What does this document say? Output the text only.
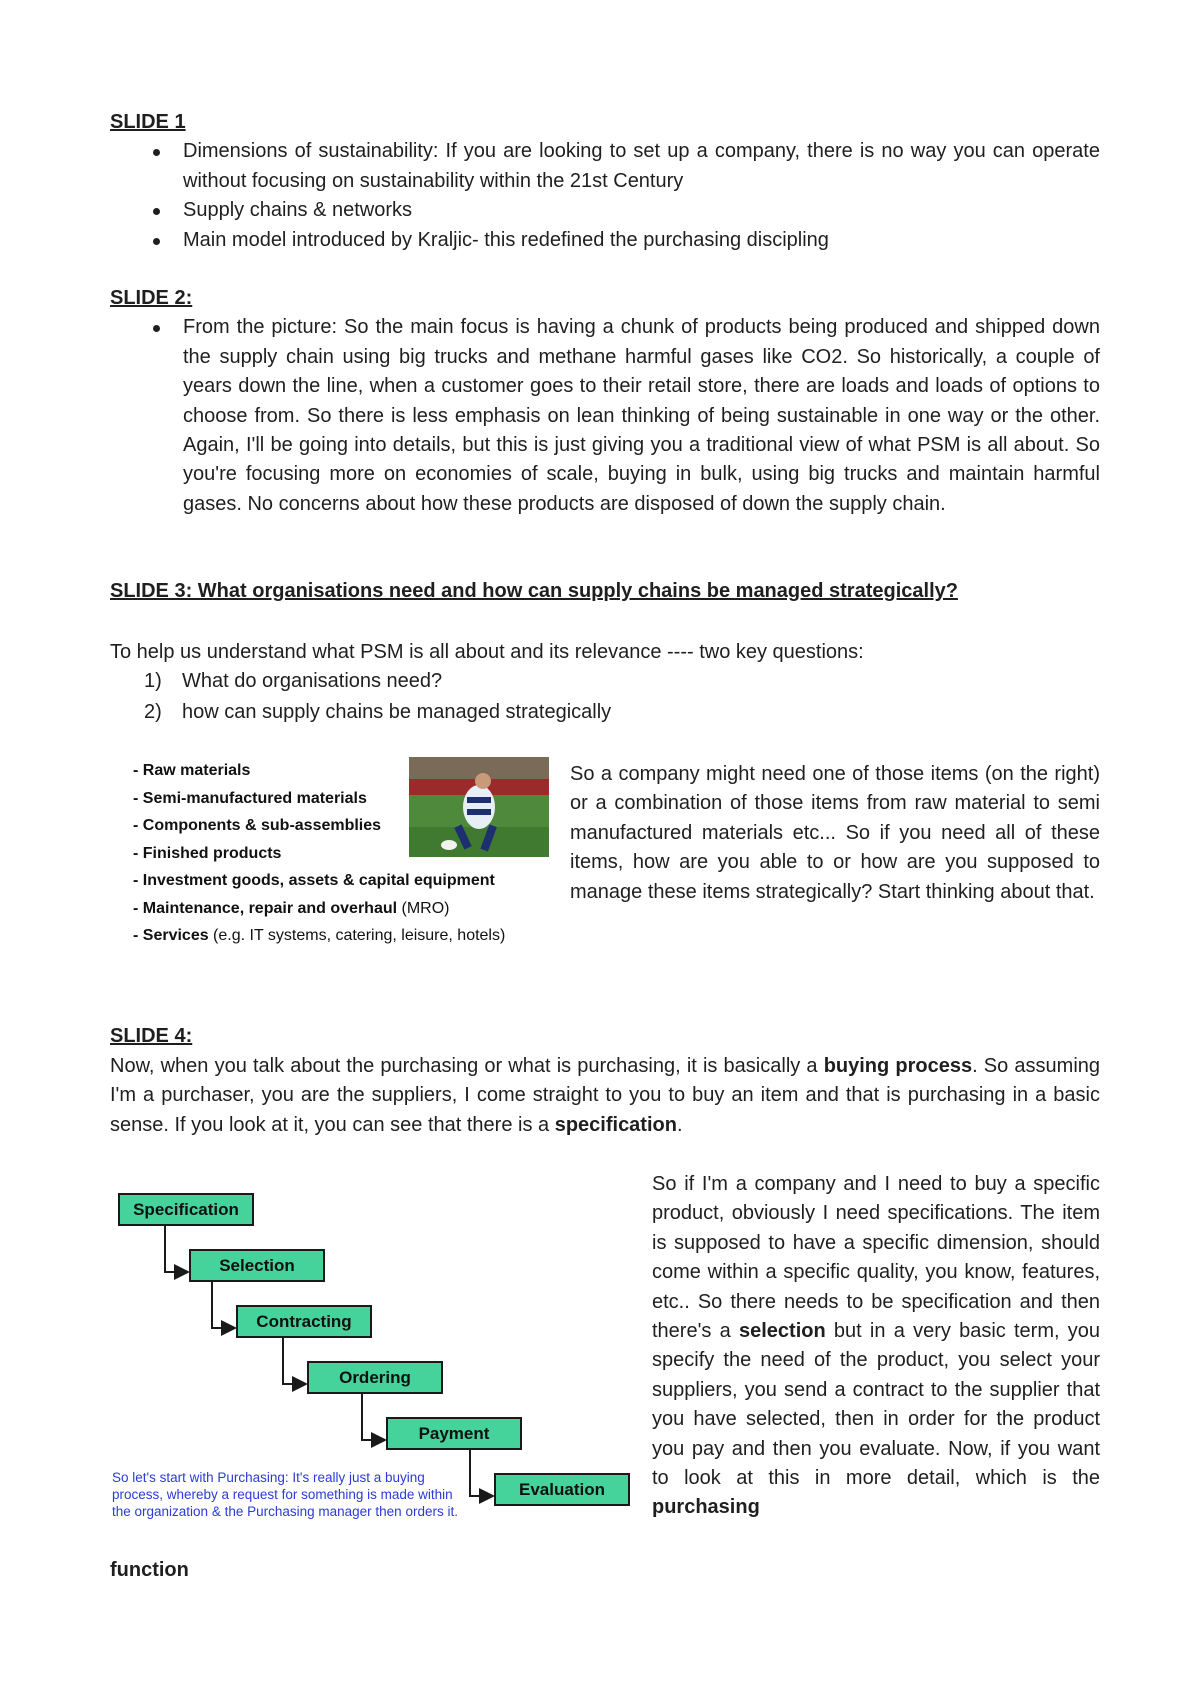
SLIDE 1

Dimensions of sustainability: If you are looking to set up a company, there is no way you can operate without focusing on sustainability within the 21st Century
Supply chains & networks
Main model introduced by Kraljic- this redefined the purchasing discipling

SLIDE 2:

From the picture: So the main focus is having a chunk of products being produced and shipped down the supply chain using big trucks and methane harmful gases like CO2. So historically, a couple of years down the line, when a customer goes to their retail store, there are loads and loads of options to choose from. So there is less emphasis on lean thinking of being sustainable in one way or the other. Again, I'll be going into details, but this is just giving you a traditional view of what PSM is all about. So you're focusing more on economies of scale, buying in bulk, using big trucks and maintain harmful gases. No concerns about how these products are disposed of down the supply chain.
SLIDE 3: What organisations need and how can supply chains be managed strategically?
To help us understand what PSM is all about and its relevance ---- two key questions:
1) What do organisations need?
2) how can supply chains be managed strategically
- Raw materials
- Semi-manufactured materials
- Components & sub-assemblies
- Finished products
- Investment goods, assets & capital equipment
- Maintenance, repair and overhaul (MRO)
- Services (e.g. IT systems, catering, leisure, hotels)
So a company might need one of those items (on the right) or a combination of those items from raw material to semi manufactured materials etc... So if you need all of these items, how are you able to or how are you supposed to manage these items strategically? Start thinking about that.
SLIDE 4:
Now, when you talk about the purchasing or what is purchasing, it is basically a buying process. So assuming I'm a purchaser, you are the suppliers, I come straight to you to buy an item and that is purchasing in a basic sense. If you look at it, you can see that there is a specification.
Specification
Selection
Contracting
Ordering
Payment
Evaluation
So let's start with Purchasing: It's really just a buying process, whereby a request for something is made within the organization & the Purchasing manager then orders it.
So if I'm a company and I need to buy a specific product, obviously I need specifications. The item is supposed to have a specific dimension, should come within a specific quality, you know, features, etc.. So there needs to be specification and then there's a selection but in a very basic term, you specify the need of the product, you select your suppliers, you send a contract to the supplier that you have selected, then in order for the product you pay and then you evaluate. Now, if you want to look at this in more detail, which is the purchasing
function
